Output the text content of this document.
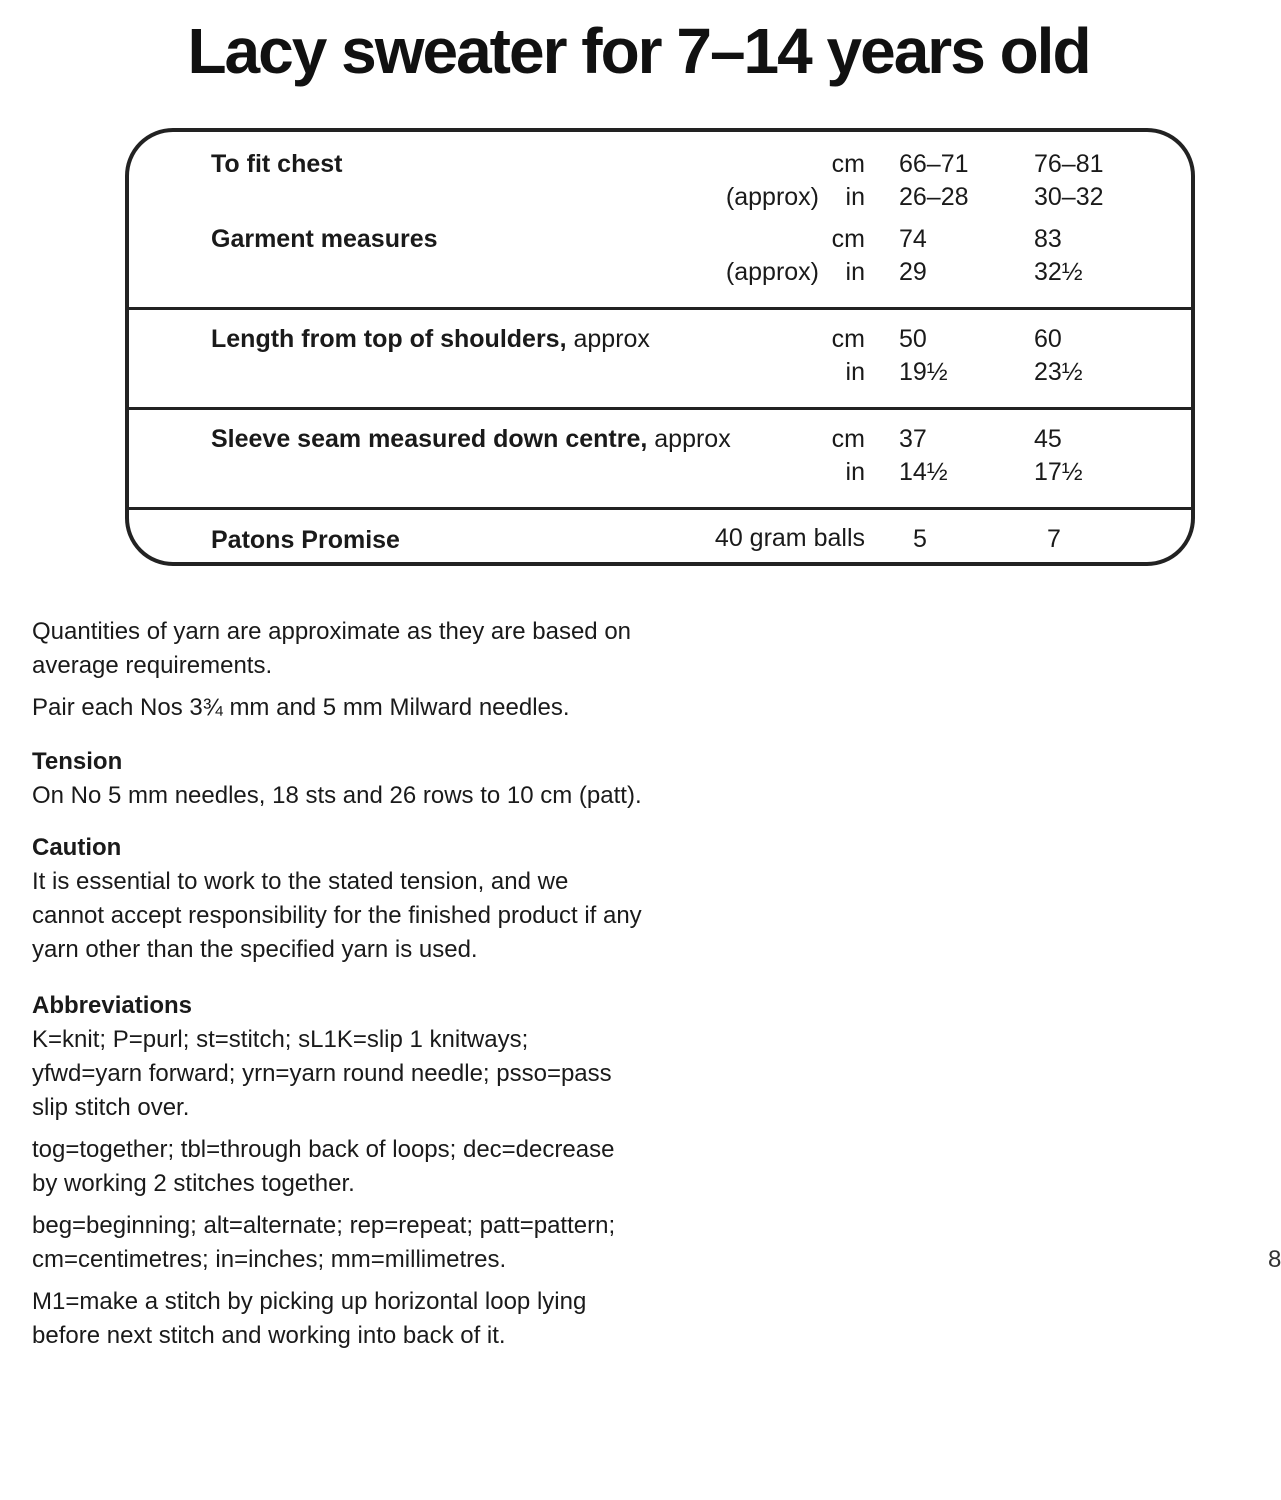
Lacy sweater for 7–14 years old
To fit chest	cm 66–71	76–81
(approx) in 26–28	30–32
Garment measures	cm 74	83
(approx) in 29	32½
Length from top of shoulders, approx	cm 50	60
in 19½	23½
Sleeve seam measured down centre, approx	cm 37	45
in 14½	17½
Patons Promise	40 gram balls 5	7

Quantities of yarn are approximate as they are based on average requirements.

Pair each Nos 3¾ mm and 5 mm Milward needles.

Tension

On No 5 mm needles, 18 sts and 26 rows to 10 cm (patt).

Caution

It is essential to work to the stated tension, and we cannot accept responsibility for the finished product if any yarn other than the specified yarn is used.

Abbreviations

K=knit; P=purl; st=stitch; sL1K=slip 1 knitways; yfwd=yarn forward; yrn=yarn round needle; psso=pass slip stitch over.

tog=together; tbl=through back of loops; dec=decrease by working 2 stitches together.

beg=beginning; alt=alternate; rep=repeat; patt=pattern; cm=centimetres; in=inches; mm=millimetres.

M1=make a stitch by picking up horizontal loop lying before next stitch and working into back of it.

8
